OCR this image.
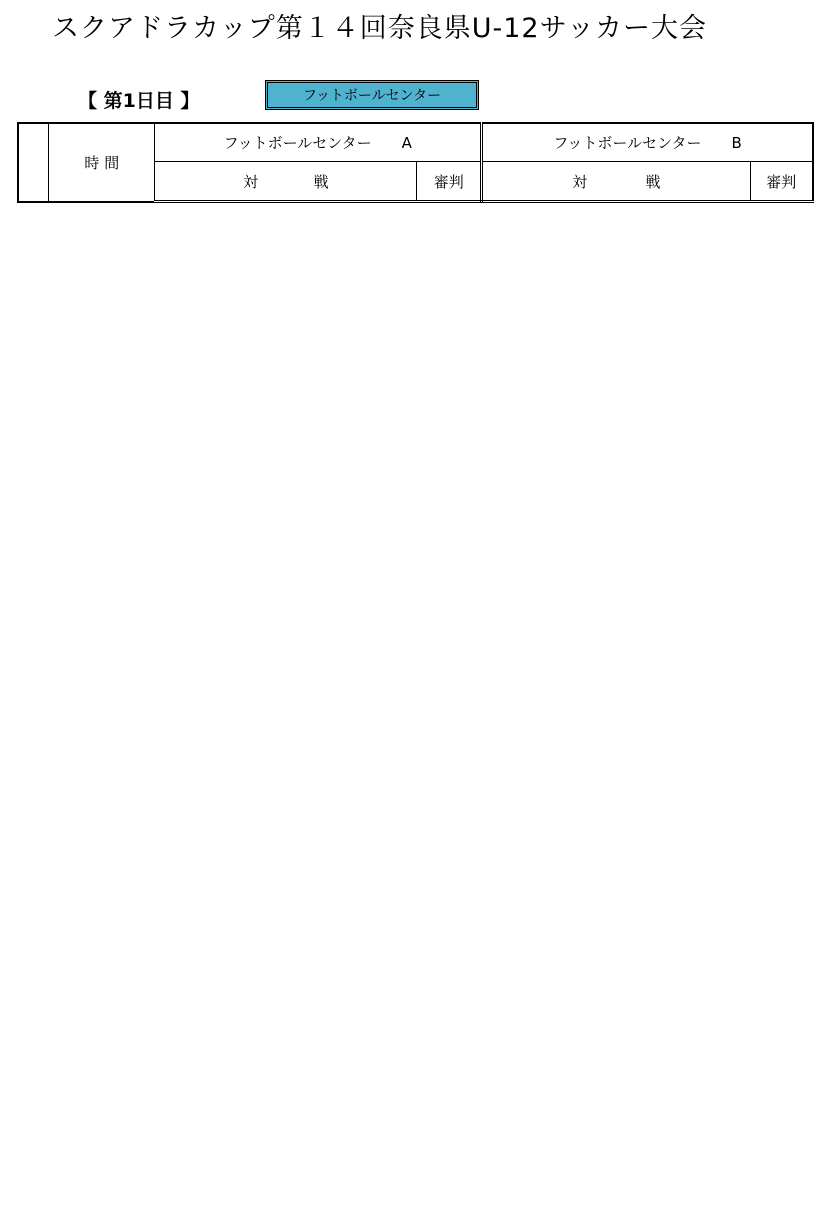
スクアドラカップ第１４回奈良県U-12サッカー大会
【 第1日目 】	フットボールセンター
	時 間	フットボールセンター　　A		フットボールセンター　　B	

		対 戦	審判	対 戦	審判
